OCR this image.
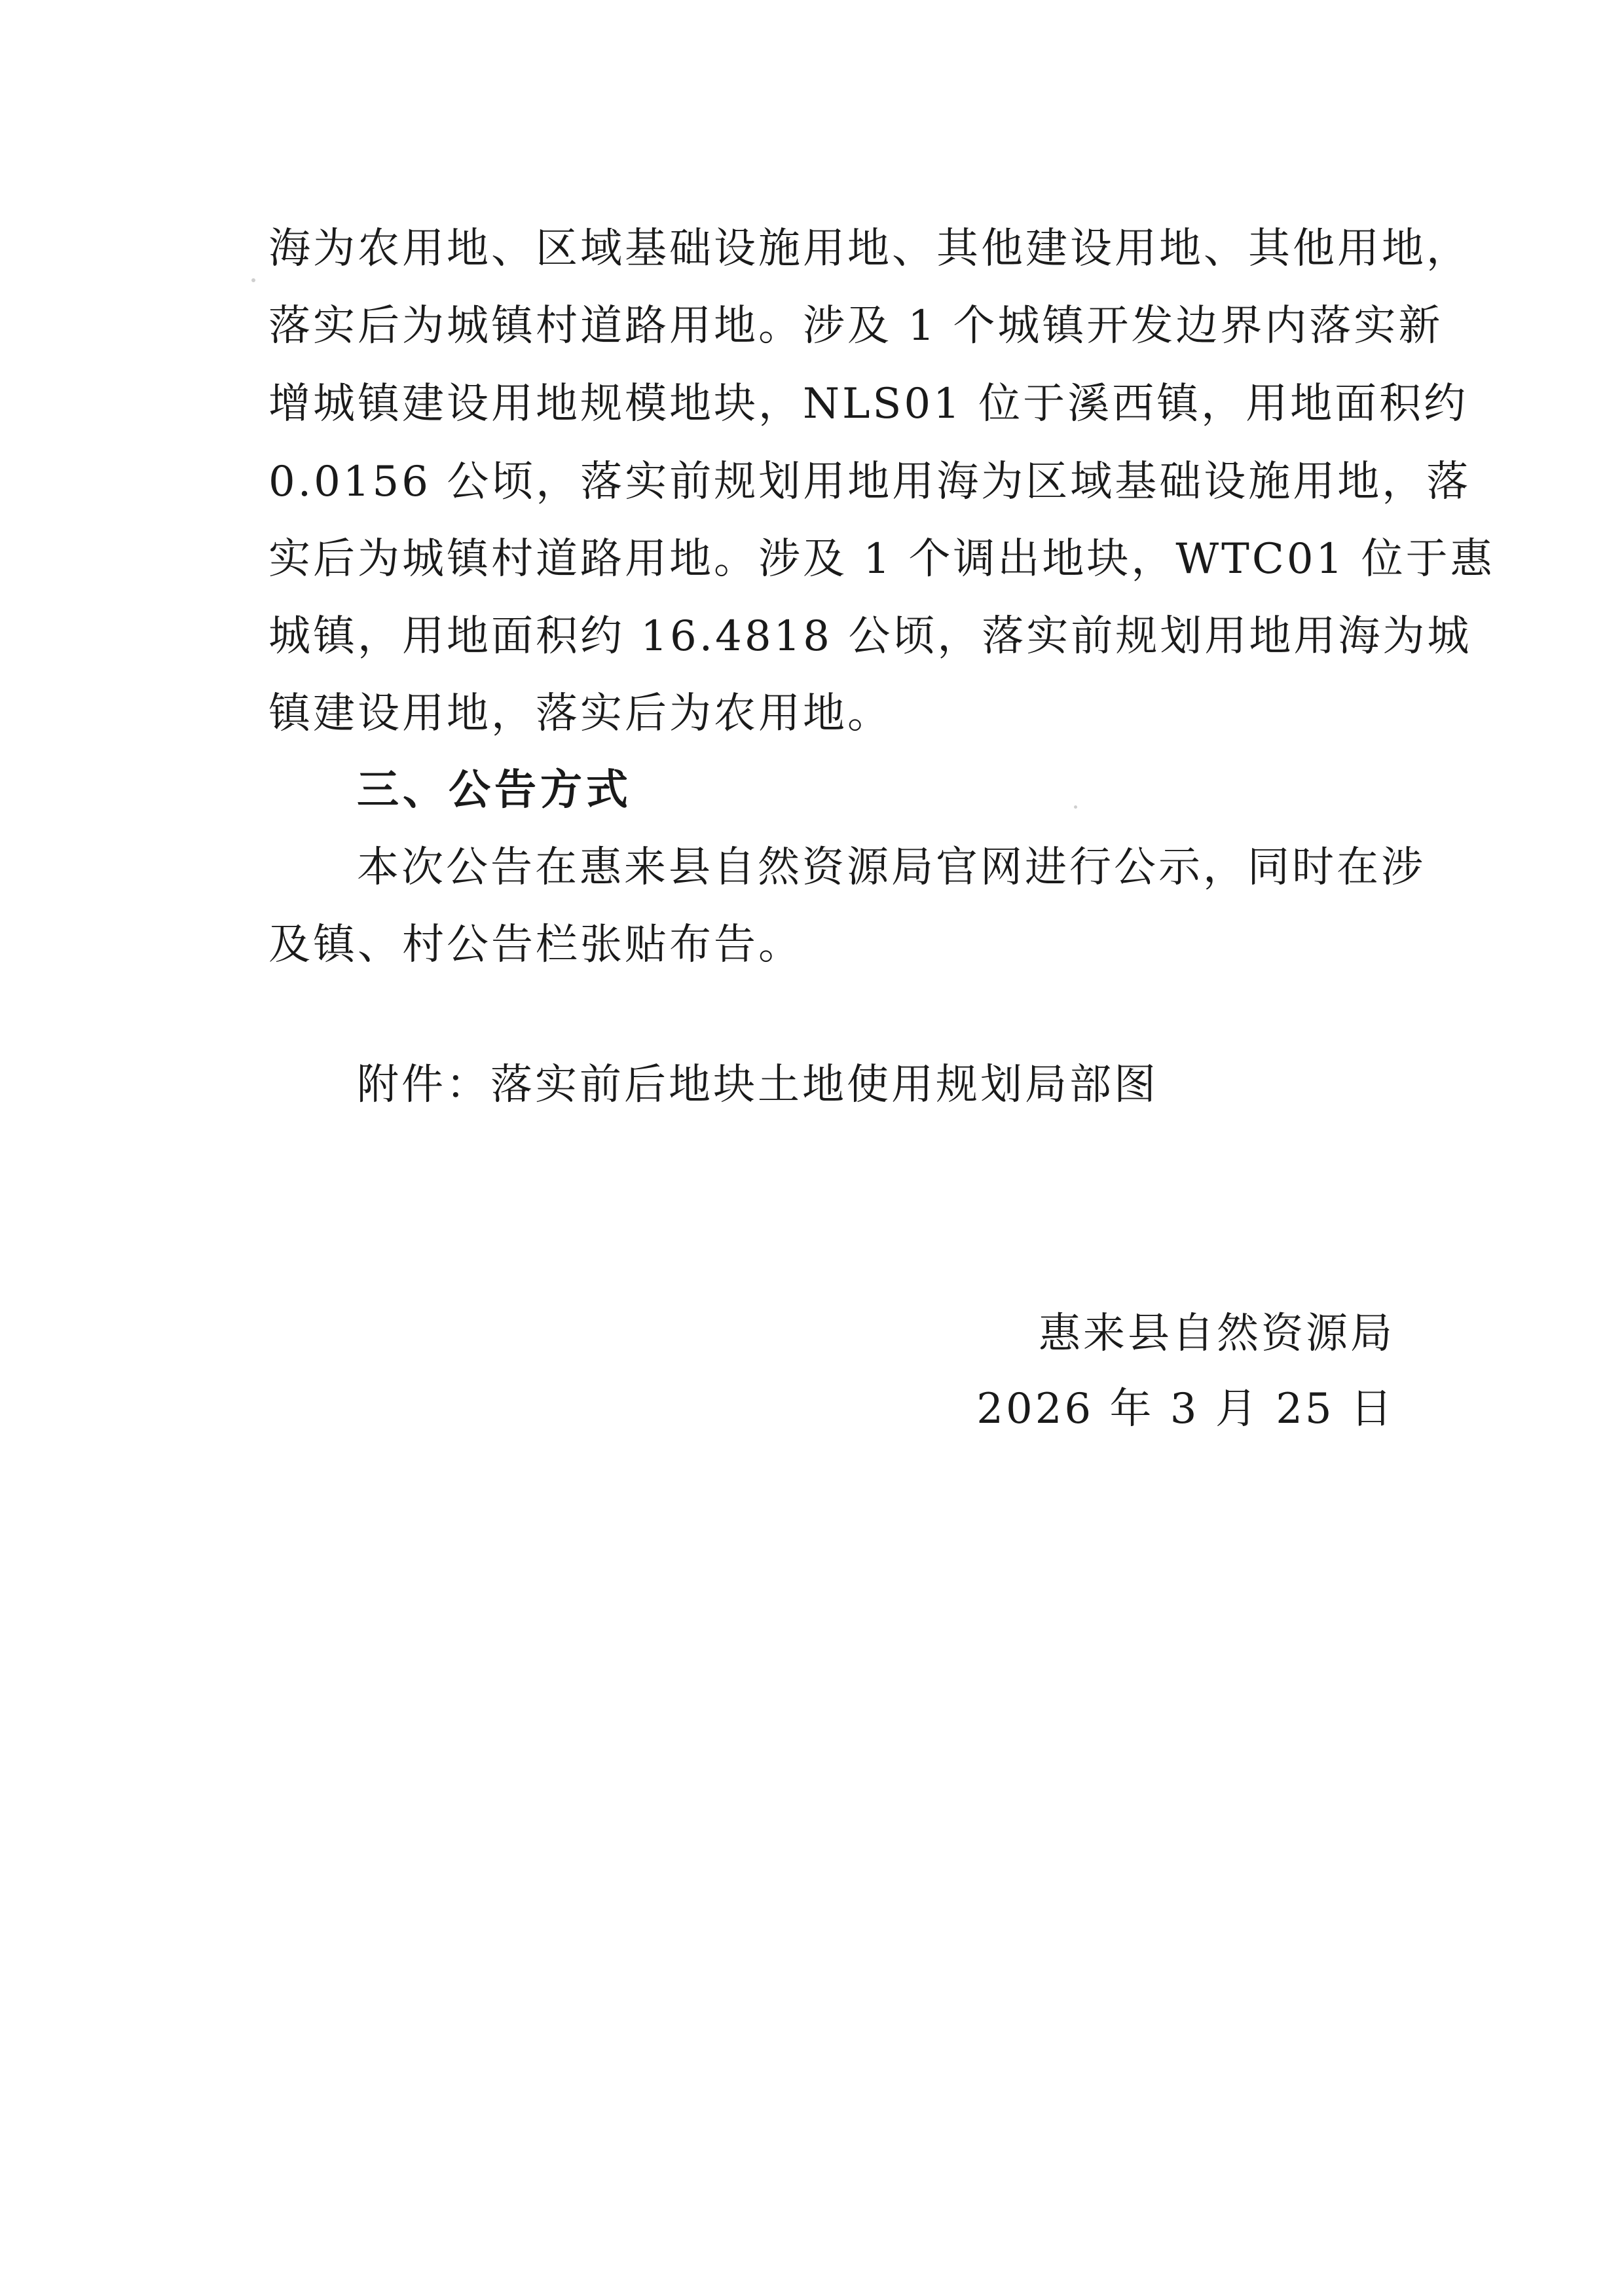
海为农用地、区域基础设施用地、其他建设用地、其他用地，
落实后为城镇村道路用地。涉及 1 个城镇开发边界内落实新
增城镇建设用地规模地块，NLS01 位于溪西镇，用地面积约
0.0156 公顷，落实前规划用地用海为区域基础设施用地，落
实后为城镇村道路用地。涉及 1 个调出地块，WTC01 位于惠
城镇，用地面积约 16.4818 公顷，落实前规划用地用海为城
镇建设用地，落实后为农用地。
三、公告方式
本次公告在惠来县自然资源局官网进行公示，同时在涉
及镇、村公告栏张贴布告。
附件：落实前后地块土地使用规划局部图
惠来县自然资源局
2026 年 3 月 25 日
